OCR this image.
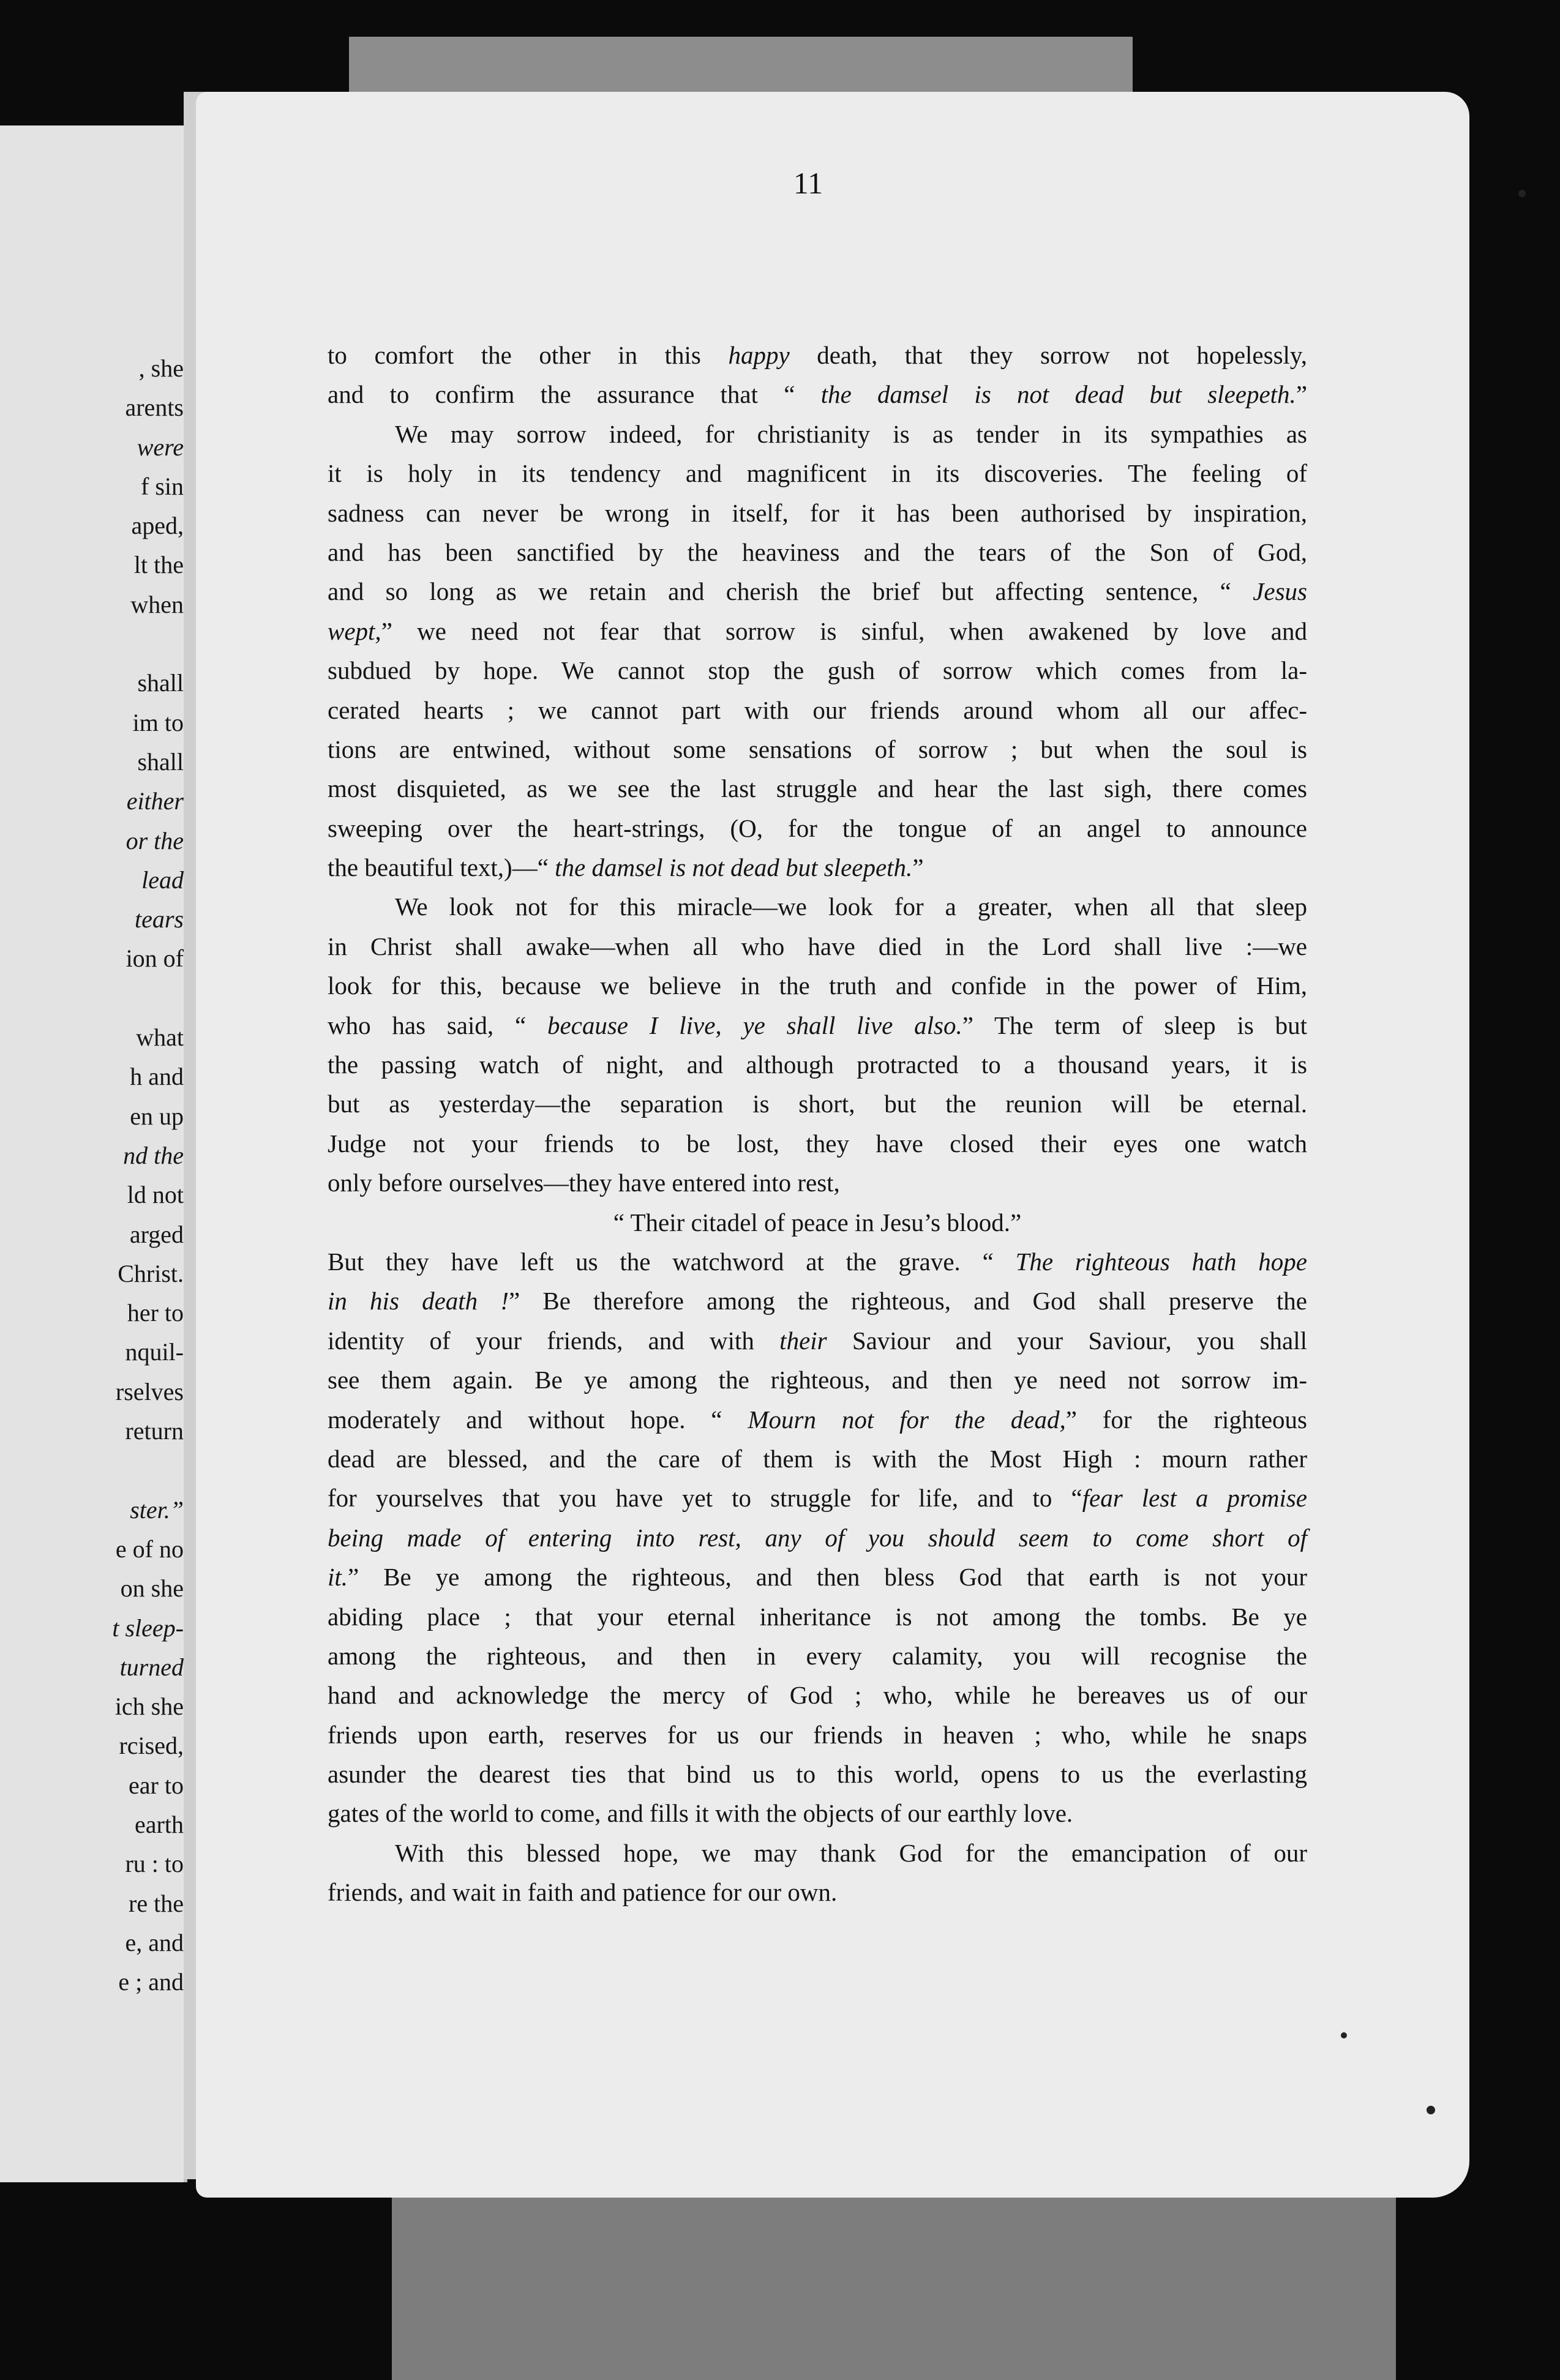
, she
arents
were
f sin
aped,
lt the
when
shall
im to
shall
either
or the
lead
tears
ion of
what
h and
en up
nd the
ld not
arged
Christ.
her to
nquil-
rselves
return
ster.”
e of no
on she
t sleep-
turned
ich she
rcised,
ear to
earth
ru : to
re the
e, and
e ; and
11
to comfort the other in this happy death, that they sorrow not hopelessly,
and to confirm the assurance that “ the damsel is not dead but sleepeth.”
We may sorrow indeed, for christianity is as tender in its sympathies as
it is holy in its tendency and magnificent in its discoveries. The feeling of
sadness can never be wrong in itself, for it has been authorised by inspiration,
and has been sanctified by the heaviness and the tears of the Son of God,
and so long as we retain and cherish the brief but affecting sentence, “ Jesus
wept,” we need not fear that sorrow is sinful, when awakened by love and
subdued by hope. We cannot stop the gush of sorrow which comes from la-
cerated hearts ; we cannot part with our friends around whom all our affec-
tions are entwined, without some sensations of sorrow ; but when the soul is
most disquieted, as we see the last struggle and hear the last sigh, there comes
sweeping over the heart-strings, (O, for the tongue of an angel to announce
the beautiful text,)—“ the damsel is not dead but sleepeth.”
We look not for this miracle—we look for a greater, when all that sleep
in Christ shall awake—when all who have died in the Lord shall live :—we
look for this, because we believe in the truth and confide in the power of Him,
who has said, “ because I live, ye shall live also.” The term of sleep is but
the passing watch of night, and although protracted to a thousand years, it is
but as yesterday—the separation is short, but the reunion will be eternal.
Judge not your friends to be lost, they have closed their eyes one watch
only before ourselves—they have entered into rest,
“ Their citadel of peace in Jesu’s blood.”
But they have left us the watchword at the grave. “ The righteous hath hope
in his death !” Be therefore among the righteous, and God shall preserve the
identity of your friends, and with their Saviour and your Saviour, you shall
see them again. Be ye among the righteous, and then ye need not sorrow im-
moderately and without hope. “ Mourn not for the dead,” for the righteous
dead are blessed, and the care of them is with the Most High : mourn rather
for yourselves that you have yet to struggle for life, and to “fear lest a promise
being made of entering into rest, any of you should seem to come short of
it.” Be ye among the righteous, and then bless God that earth is not your
abiding place ; that your eternal inheritance is not among the tombs. Be ye
among the righteous, and then in every calamity, you will recognise the
hand and acknowledge the mercy of God ; who, while he bereaves us of our
friends upon earth, reserves for us our friends in heaven ; who, while he snaps
asunder the dearest ties that bind us to this world, opens to us the everlasting
gates of the world to come, and fills it with the objects of our earthly love.
With this blessed hope, we may thank God for the emancipation of our
friends, and wait in faith and patience for our own.
